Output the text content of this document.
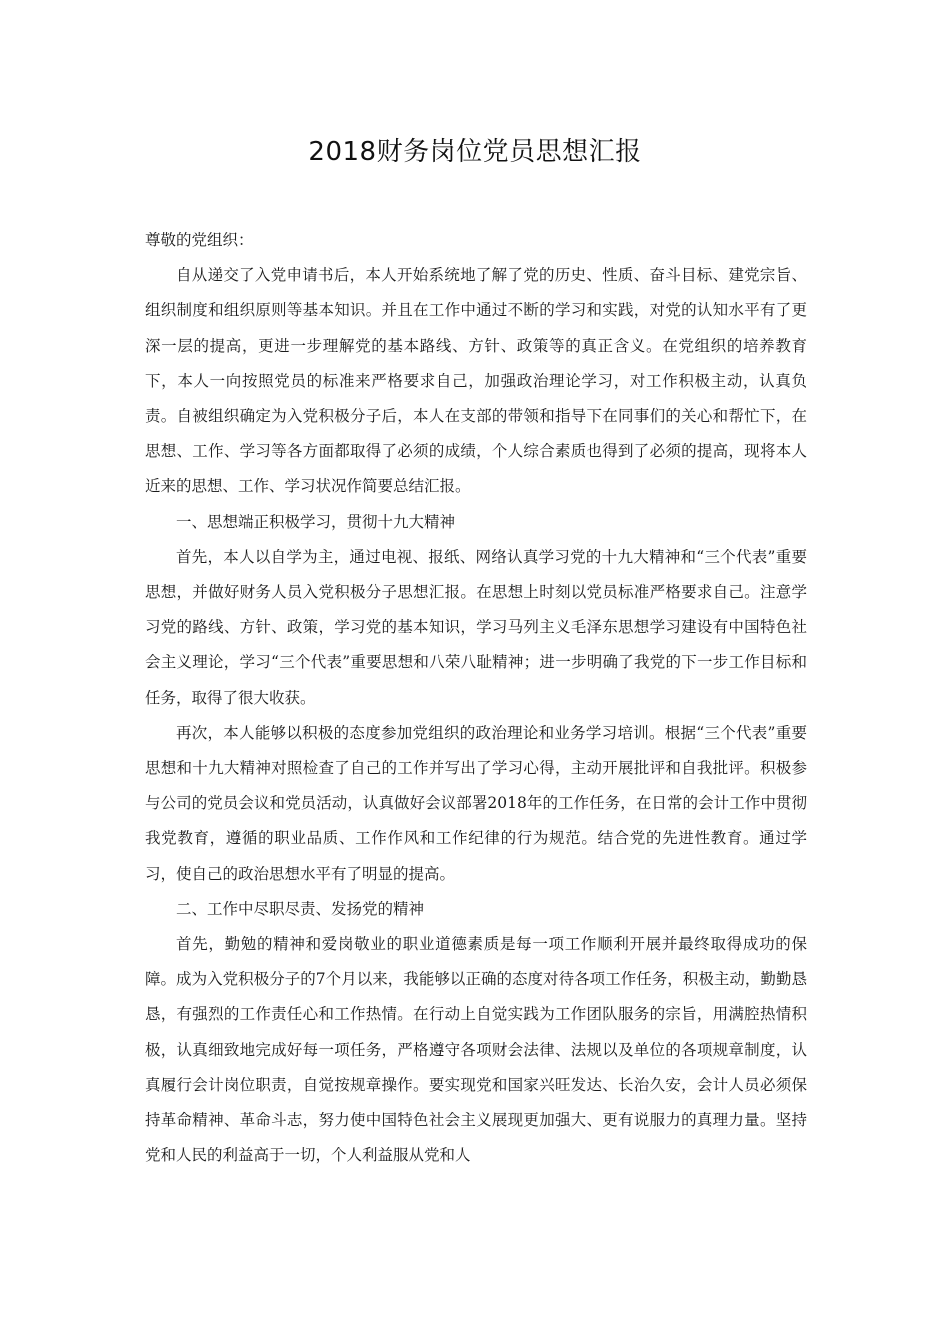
2018财务岗位党员思想汇报

尊敬的党组织：

自从递交了入党申请书后，本人开始系统地了解了党的历史、性质、奋斗目标、建党宗旨、组织制度和组织原则等基本知识。并且在工作中通过不断的学习和实践，对党的认知水平有了更深一层的提高，更进一步理解党的基本路线、方针、政策等的真正含义。在党组织的培养教育下，本人一向按照党员的标准来严格要求自己，加强政治理论学习，对工作积极主动，认真负责。自被组织确定为入党积极分子后，本人在支部的带领和指导下在同事们的关心和帮忙下，在思想、工作、学习等各方面都取得了必须的成绩，个人综合素质也得到了必须的提高，现将本人近来的思想、工作、学习状况作简要总结汇报。

一、思想端正积极学习，贯彻十九大精神

首先，本人以自学为主，通过电视、报纸、网络认真学习党的十九大精神和“三个代表”重要思想，并做好财务人员入党积极分子思想汇报。在思想上时刻以党员标准严格要求自己。注意学习党的路线、方针、政策，学习党的基本知识，学习马列主义毛泽东思想学习建设有中国特色社会主义理论，学习“三个代表”重要思想和八荣八耻精神；进一步明确了我党的下一步工作目标和任务，取得了很大收获。

再次，本人能够以积极的态度参加党组织的政治理论和业务学习培训。根据“三个代表”重要思想和十九大精神对照检查了自己的工作并写出了学习心得，主动开展批评和自我批评。积极参与公司的党员会议和党员活动，认真做好会议部署2018年的工作任务，在日常的会计工作中贯彻我党教育，遵循的职业品质、工作作风和工作纪律的行为规范。结合党的先进性教育。通过学习，使自己的政治思想水平有了明显的提高。

二、工作中尽职尽责、发扬党的精神

首先，勤勉的精神和爱岗敬业的职业道德素质是每一项工作顺利开展并最终取得成功的保障。成为入党积极分子的7个月以来，我能够以正确的态度对待各项工作任务，积极主动，勤勤恳恳，有强烈的工作责任心和工作热情。在行动上自觉实践为工作团队服务的宗旨，用满腔热情积极，认真细致地完成好每一项任务，严格遵守各项财会法律、法规以及单位的各项规章制度，认真履行会计岗位职责，自觉按规章操作。要实现党和国家兴旺发达、长治久安，会计人员必须保持革命精神、革命斗志，努力使中国特色社会主义展现更加强大、更有说服力的真理力量。坚持党和人民的利益高于一切，个人利益服从党和人
